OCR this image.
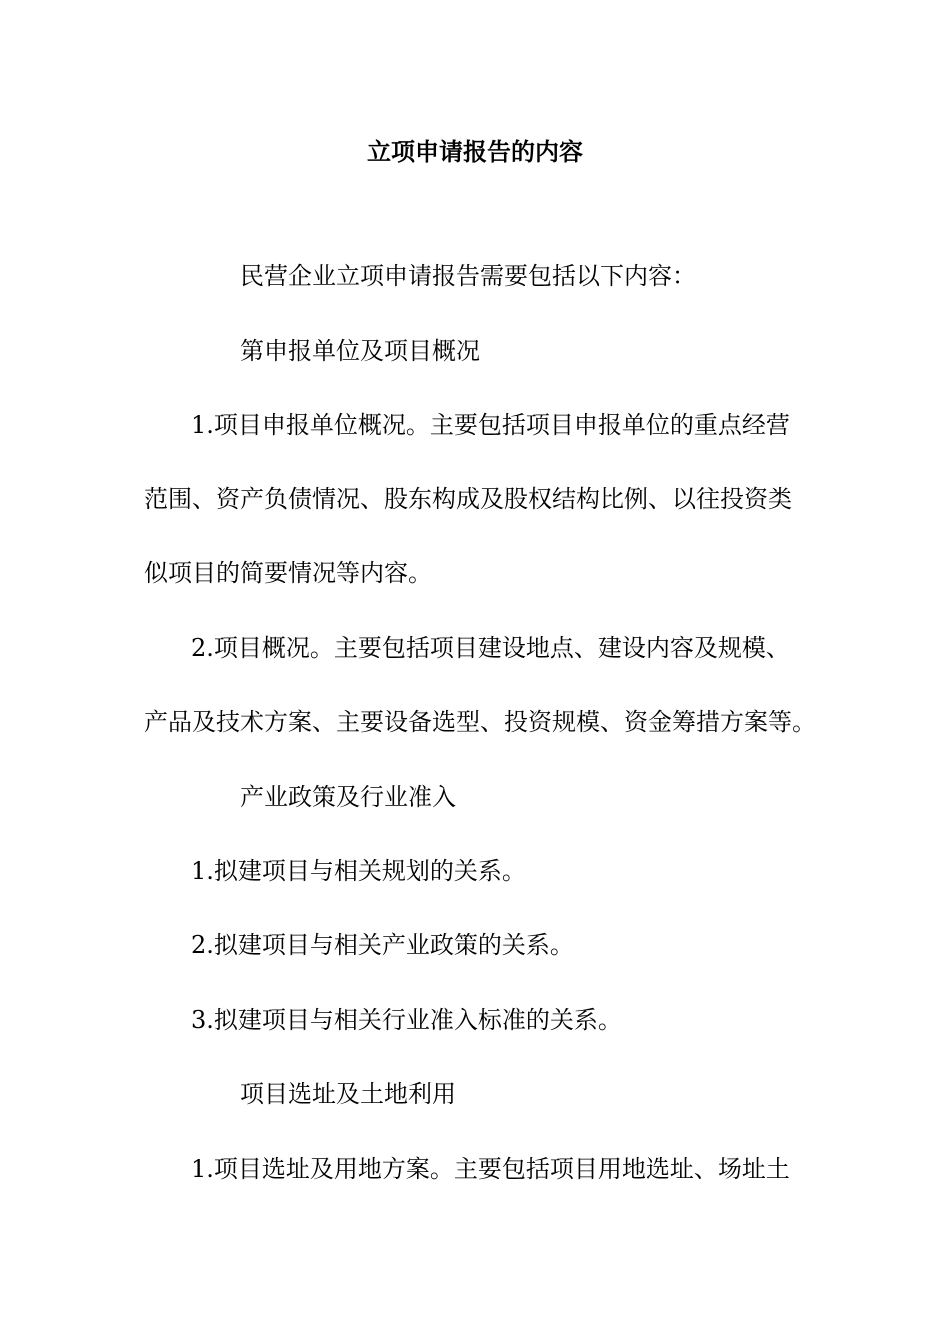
立项申请报告的内容
民营企业立项申请报告需要包括以下内容：
第申报单位及项目概况
1.项目申报单位概况。主要包括项目申报单位的重点经营
范围、资产负债情况、股东构成及股权结构比例、以往投资类
似项目的简要情况等内容。
2.项目概况。主要包括项目建设地点、建设内容及规模、
产品及技术方案、主要设备选型、投资规模、资金筹措方案等。
产业政策及行业准入
1.拟建项目与相关规划的关系。
2.拟建项目与相关产业政策的关系。
3.拟建项目与相关行业准入标准的关系。
项目选址及土地利用
1.项目选址及用地方案。主要包括项目用地选址、场址土
